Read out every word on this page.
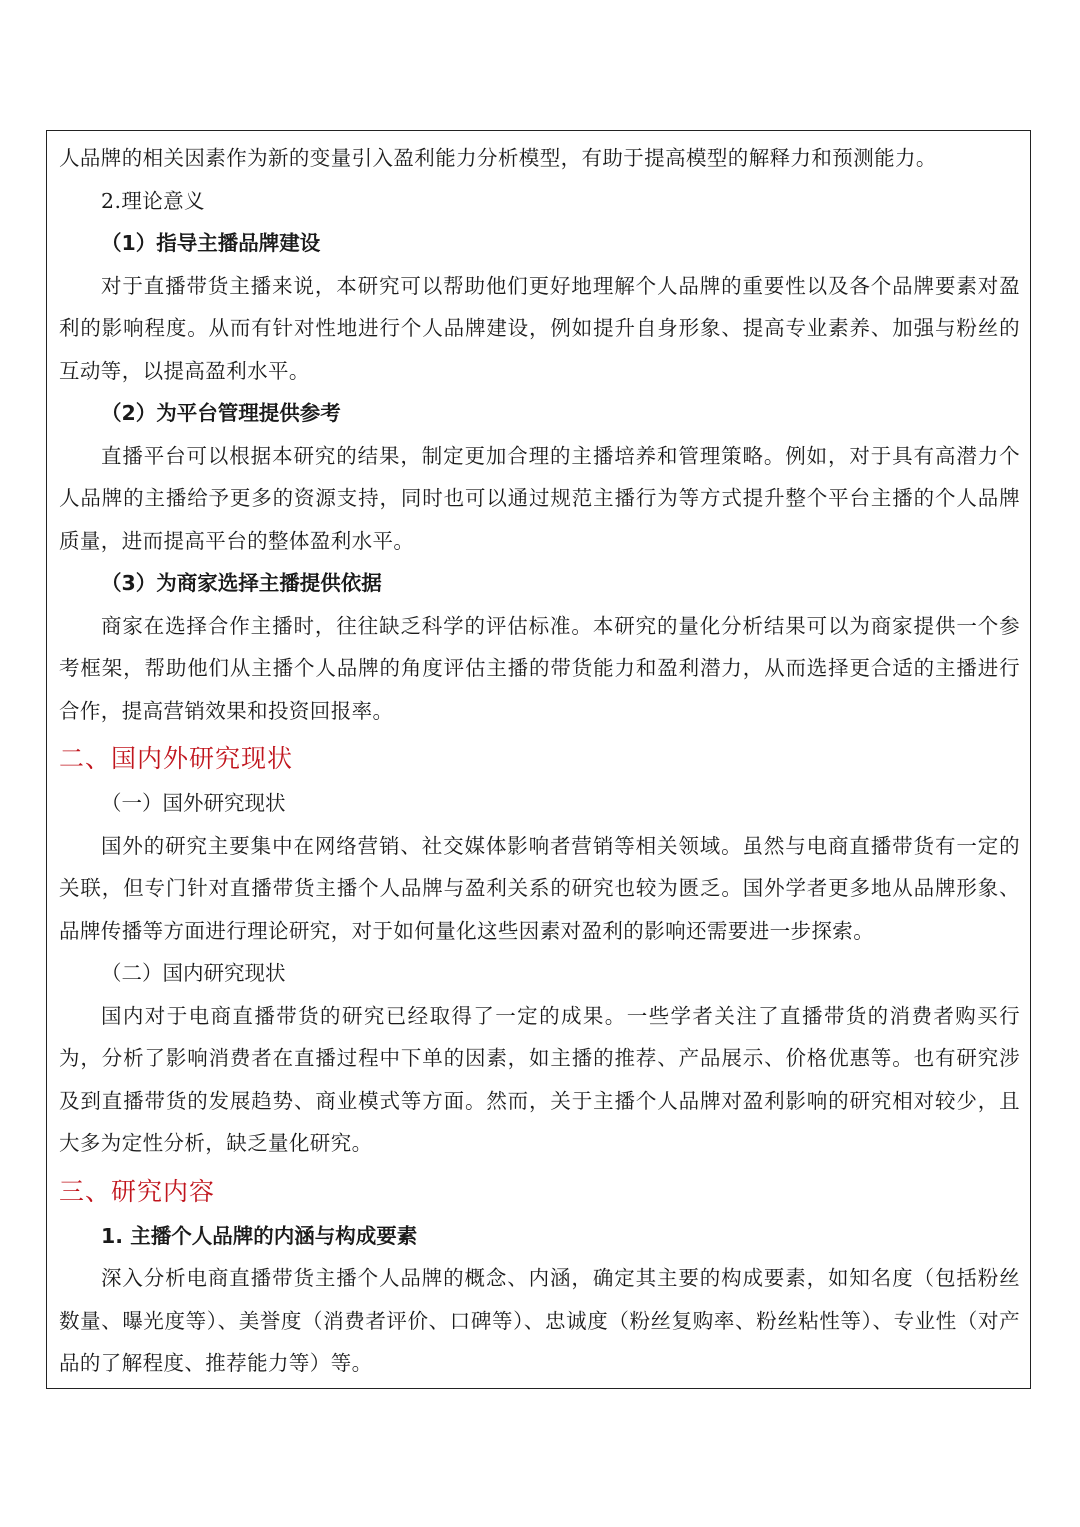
人品牌的相关因素作为新的变量引入盈利能力分析模型，有助于提高模型的解释力和预测能力。
2.理论意义
（1）指导主播品牌建设

对于直播带货主播来说，本研究可以帮助他们更好地理解个人品牌的重要性以及各个品牌要素对盈利的影响程度。从而有针对性地进行个人品牌建设，例如提升自身形象、提高专业素养、加强与粉丝的互动等，以提高盈利水平。

（2）为平台管理提供参考

直播平台可以根据本研究的结果，制定更加合理的主播培养和管理策略。例如，对于具有高潜力个人品牌的主播给予更多的资源支持，同时也可以通过规范主播行为等方式提升整个平台主播的个人品牌质量，进而提高平台的整体盈利水平。

（3）为商家选择主播提供依据

商家在选择合作主播时，往往缺乏科学的评估标准。本研究的量化分析结果可以为商家提供一个参考框架，帮助他们从主播个人品牌的角度评估主播的带货能力和盈利潜力，从而选择更合适的主播进行合作，提高营销效果和投资回报率。

二、国内外研究现状
（一）国外研究现状

国外的研究主要集中在网络营销、社交媒体影响者营销等相关领域。虽然与电商直播带货有一定的关联，但专门针对直播带货主播个人品牌与盈利关系的研究也较为匮乏。国外学者更多地从品牌形象、品牌传播等方面进行理论研究，对于如何量化这些因素对盈利的影响还需要进一步探索。

（二）国内研究现状

国内对于电商直播带货的研究已经取得了一定的成果。一些学者关注了直播带货的消费者购买行为，分析了影响消费者在直播过程中下单的因素，如主播的推荐、产品展示、价格优惠等。也有研究涉及到直播带货的发展趋势、商业模式等方面。然而，关于主播个人品牌对盈利影响的研究相对较少，且大多为定性分析，缺乏量化研究。

三、研究内容
1. 主播个人品牌的内涵与构成要素

深入分析电商直播带货主播个人品牌的概念、内涵，确定其主要的构成要素，如知名度（包括粉丝数量、曝光度等）、美誉度（消费者评价、口碑等）、忠诚度（粉丝复购率、粉丝粘性等）、专业性（对产品的了解程度、推荐能力等）等。
